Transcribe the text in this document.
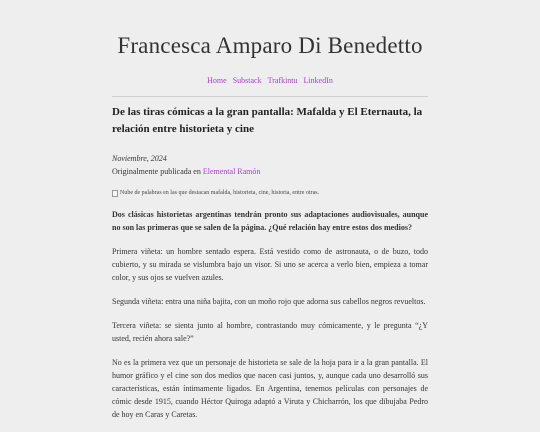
Francesca Amparo Di Benedetto
Home Substack Trafkintu LinkedIn
De las tiras cómicas a la gran pantalla: Mafalda y El Eternauta, la relación entre historieta y cine

Noviembre, 2024

Originalmente publicada en Elemental Ramón

Nube de palabras en las que destacan mafalda, historieta, cine, historia, entre otras.

Dos clásicas historietas argentinas tendrán pronto sus adaptaciones audiovisuales, aunque no son las primeras que se salen de la página. ¿Qué relación hay entre estos dos medios?

Primera viñeta: un hombre sentado espera. Está vestido como de astronauta, o de buzo, todo cubierto, y su mirada se vislumbra bajo un visor. Si uno se acerca a verlo bien, empieza a tomar color, y sus ojos se vuelven azules.

Segunda viñeta: entra una niña bajita, con un moño rojo que adorna sus cabellos negros revueltos.

Tercera viñeta: se sienta junto al hombre, contrastando muy cómicamente, y le pregunta “¿Y usted, recién ahora sale?”

No es la primera vez que un personaje de historieta se sale de la hoja para ir a la gran pantalla. El humor gráfico y el cine son dos medios que nacen casi juntos, y, aunque cada uno desarrolló sus características, están íntimamente ligados. En Argentina, tenemos películas con personajes de cómic desde 1915, cuando Héctor Quiroga adaptó a Viruta y Chicharrón, los que dibujaba Pedro de hoy en Caras y Caretas.
